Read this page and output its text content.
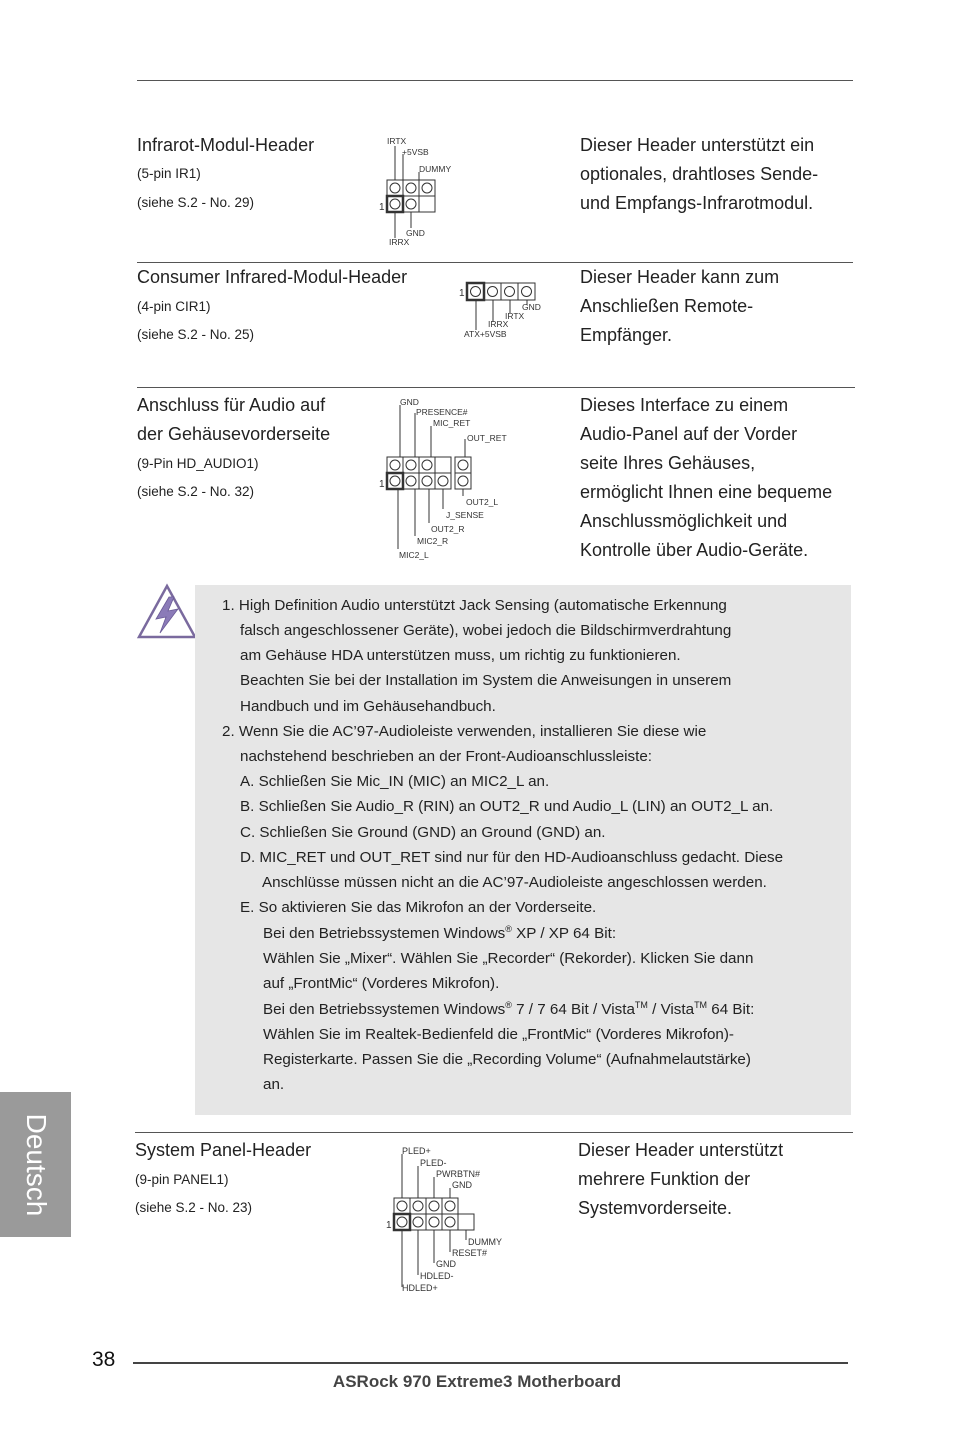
Infrarot-Modul-Header
(5-pin IR1)
(siehe S.2 - No. 29)
Dieser Header unterstützt ein
optionales, drahtloses Sende-
und Empfangs-Infrarotmodul.
IRTX
+5VSB
DUMMY
GND
IRRX
1
Consumer Infrared-Modul-Header
(4-pin CIR1)
(siehe S.2 - No. 25)
Dieser Header kann zum
Anschließen Remote-
Empfänger.
GND
IRTX
IRRX
ATX+5VSB
1
Anschluss für Audio auf
der Gehäusevorderseite
(9-Pin HD_AUDIO1)
(siehe S.2 - No. 32)
Dieses Interface zu einem
Audio-Panel auf der Vorder
seite Ihres Gehäuses,
ermöglicht Ihnen eine bequeme
Anschlussmöglichkeit und
Kontrolle über Audio-Geräte.
GND
PRESENCE#
MIC_RET
OUT_RET
OUT2_L
J_SENSE
OUT2_R
MIC2_R
MIC2_L
1
1. High Definition Audio unterstützt Jack Sensing (automatische Erkennung
falsch angeschlossener Geräte), wobei jedoch die Bildschirmverdrahtung
am Gehäuse HDA unterstützen muss, um richtig zu funktionieren.
Beachten Sie bei der Installation im System die Anweisungen in unserem
Handbuch und im Gehäusehandbuch.
2. Wenn Sie die AC’97-Audioleiste verwenden, installieren Sie diese wie
nachstehend beschrieben an der Front-Audioanschlussleiste:
A. Schließen Sie Mic_IN (MIC) an MIC2_L an.
B. Schließen Sie Audio_R (RIN) an OUT2_R und Audio_L (LIN) an OUT2_L an.
C. Schließen Sie Ground (GND) an Ground (GND) an.
D. MIC_RET und OUT_RET sind nur für den HD-Audioanschluss gedacht. Diese
Anschlüsse müssen nicht an die AC’97-Audioleiste angeschlossen werden.
E. So aktivieren Sie das Mikrofon an der Vorderseite.
Bei den Betriebssystemen Windows® XP / XP 64 Bit:
Wählen Sie „Mixer“. Wählen Sie „Recorder“ (Rekorder). Klicken Sie dann
auf „FrontMic“ (Vorderes Mikrofon).
Bei den Betriebssystemen Windows® 7 / 7 64 Bit / Vista™ / Vista™ 64 Bit:
Wählen Sie im Realtek-Bedienfeld die „FrontMic“ (Vorderes Mikrofon)-
Registerkarte. Passen Sie die „Recording Volume“ (Aufnahmelautstärke)
an.
System Panel-Header
(9-pin PANEL1)
(siehe S.2 - No. 23)
Dieser Header unterstützt
mehrere Funktion der
Systemvorderseite.
PLED+
PLED-
PWRBTN#
GND
DUMMY
RESET#
GND
HDLED-
HDLED+
1
Deutsch
38
ASRock 970 Extreme3 Motherboard
